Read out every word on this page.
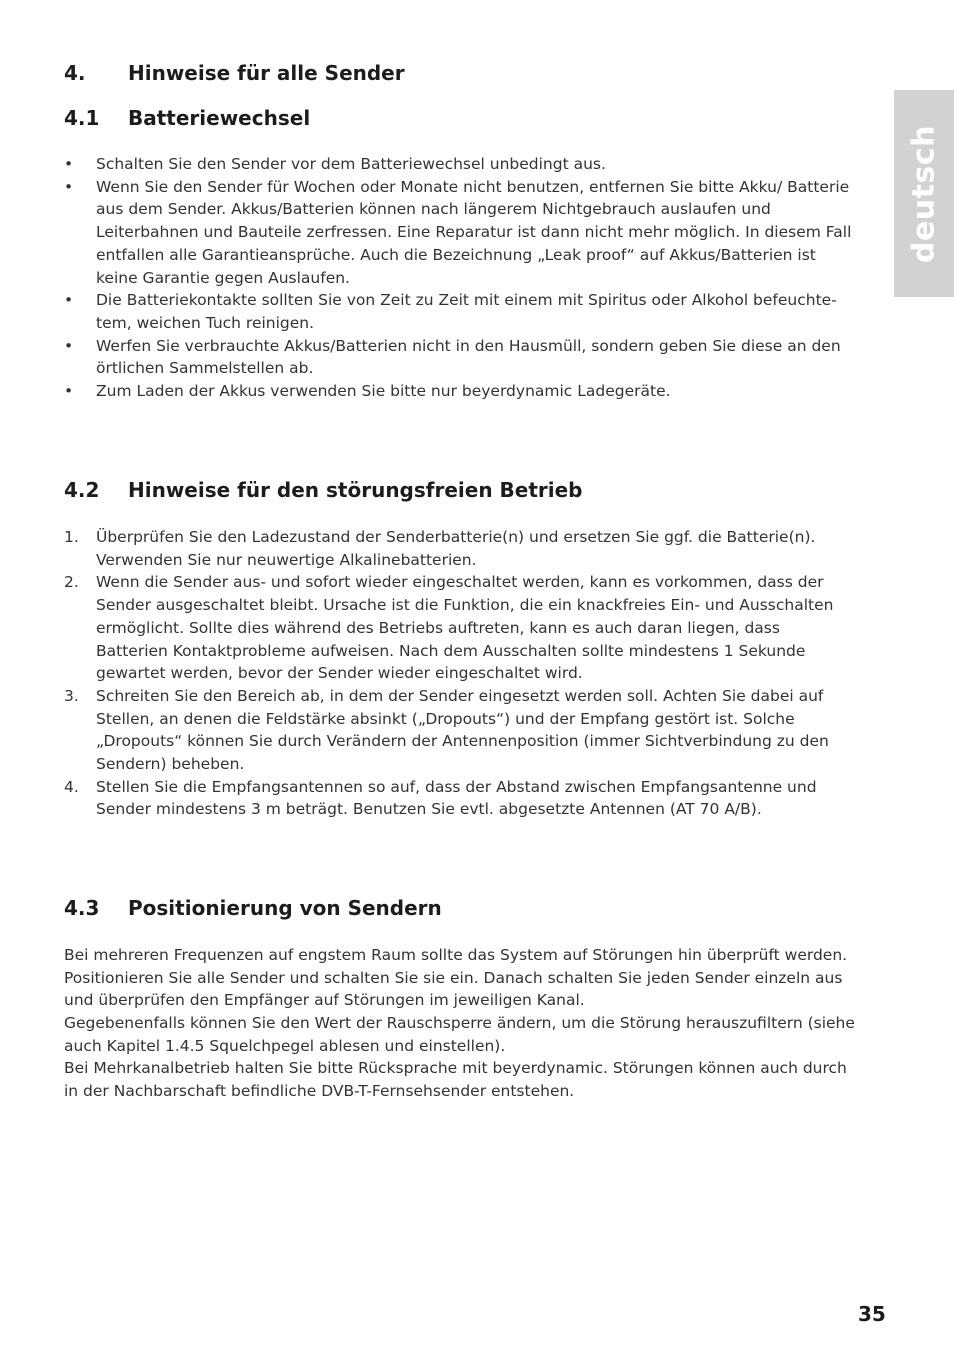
deutsch
4. Hinweise für alle Sender
4.1 Batteriewechsel
• Schalten Sie den Sender vor dem Batteriewechsel unbedingt aus.
• Wenn Sie den Sender für Wochen oder Monate nicht benutzen, entfernen Sie bitte Akku/ Batterie aus dem Sender. Akkus/Batterien können nach längerem Nichtgebrauch auslaufen und Leiterbahnen und Bauteile zerfressen. Eine Reparatur ist dann nicht mehr möglich. In diesem Fall entfallen alle Garantieansprüche. Auch die Bezeichnung „Leak proof“ auf Akkus/Batterien ist keine Garantie gegen Auslaufen.
• Die Batteriekontakte sollten Sie von Zeit zu Zeit mit einem mit Spiritus oder Alkohol befeuchte- tem, weichen Tuch reinigen.
• Werfen Sie verbrauchte Akkus/Batterien nicht in den Hausmüll, sondern geben Sie diese an den örtlichen Sammelstellen ab.
• Zum Laden der Akkus verwenden Sie bitte nur beyerdynamic Ladegeräte.
4.2 Hinweise für den störungsfreien Betrieb
1. Überprüfen Sie den Ladezustand der Senderbatterie(n) und ersetzen Sie ggf. die Batterie(n). Verwenden Sie nur neuwertige Alkalinebatterien.
2. Wenn die Sender aus- und sofort wieder eingeschaltet werden, kann es vorkommen, dass der Sender ausgeschaltet bleibt. Ursache ist die Funktion, die ein knackfreies Ein- und Ausschalten ermöglicht. Sollte dies während des Betriebs auftreten, kann es auch daran liegen, dass Batterien Kontaktprobleme aufweisen. Nach dem Ausschalten sollte mindestens 1 Sekunde gewartet werden, bevor der Sender wieder eingeschaltet wird.
3. Schreiten Sie den Bereich ab, in dem der Sender eingesetzt werden soll. Achten Sie dabei auf Stellen, an denen die Feldstärke absinkt („Dropouts“) und der Empfang gestört ist. Solche „Dropouts“ können Sie durch Verändern der Antennenposition (immer Sichtverbindung zu den Sendern) beheben.
4. Stellen Sie die Empfangsantennen so auf, dass der Abstand zwischen Empfangsantenne und Sender mindestens 3 m beträgt. Benutzen Sie evtl. abgesetzte Antennen (AT 70 A/B).
4.3 Positionierung von Sendern

Bei mehreren Frequenzen auf engstem Raum sollte das System auf Störungen hin überprüft werden. Positionieren Sie alle Sender und schalten Sie sie ein. Danach schalten Sie jeden Sender einzeln aus und überprüfen den Empfänger auf Störungen im jeweiligen Kanal.

Gegebenenfalls können Sie den Wert der Rauschsperre ändern, um die Störung herauszufiltern (siehe auch Kapitel 1.4.5 Squelchpegel ablesen und einstellen).

Bei Mehrkanalbetrieb halten Sie bitte Rücksprache mit beyerdynamic. Störungen können auch durch in der Nachbarschaft befindliche DVB-T-Fernsehsender entstehen.

35
